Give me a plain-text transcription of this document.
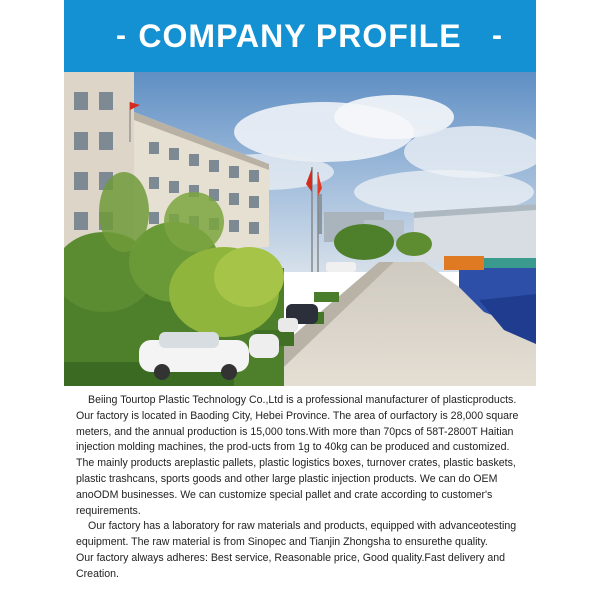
- COMPANY PROFILE -
Beiing Tourtop Plastic Technology Co.,Ltd is a professional manufacturer of plasticproducts.
Our factory is located in Baoding City, Hebei Province. The area of ourfactory is 28,000 square
meters, and the annual production is 15,000 tons.With more than 70pcs of 58T-2800T Haitian
injection molding machines, the prod-ucts from 1g to 40kg can be produced and customized.
The mainly products areplastic pallets, plastic logistics boxes, turnover crates, plastic baskets,
plastic trashcans, sports goods and other large plastic injection products. We can do OEM
anoODM businesses. We can customize special pallet and crate according to customer's
requirements.
Our factory has a laboratory for raw materials and products, equipped with advanceotesting
equipment. The raw material is from Sinopec and Tianjin Zhongsha to ensurethe quality.
Our factory always adheres: Best service, Reasonable price, Good quality.Fast delivery and
Creation.
